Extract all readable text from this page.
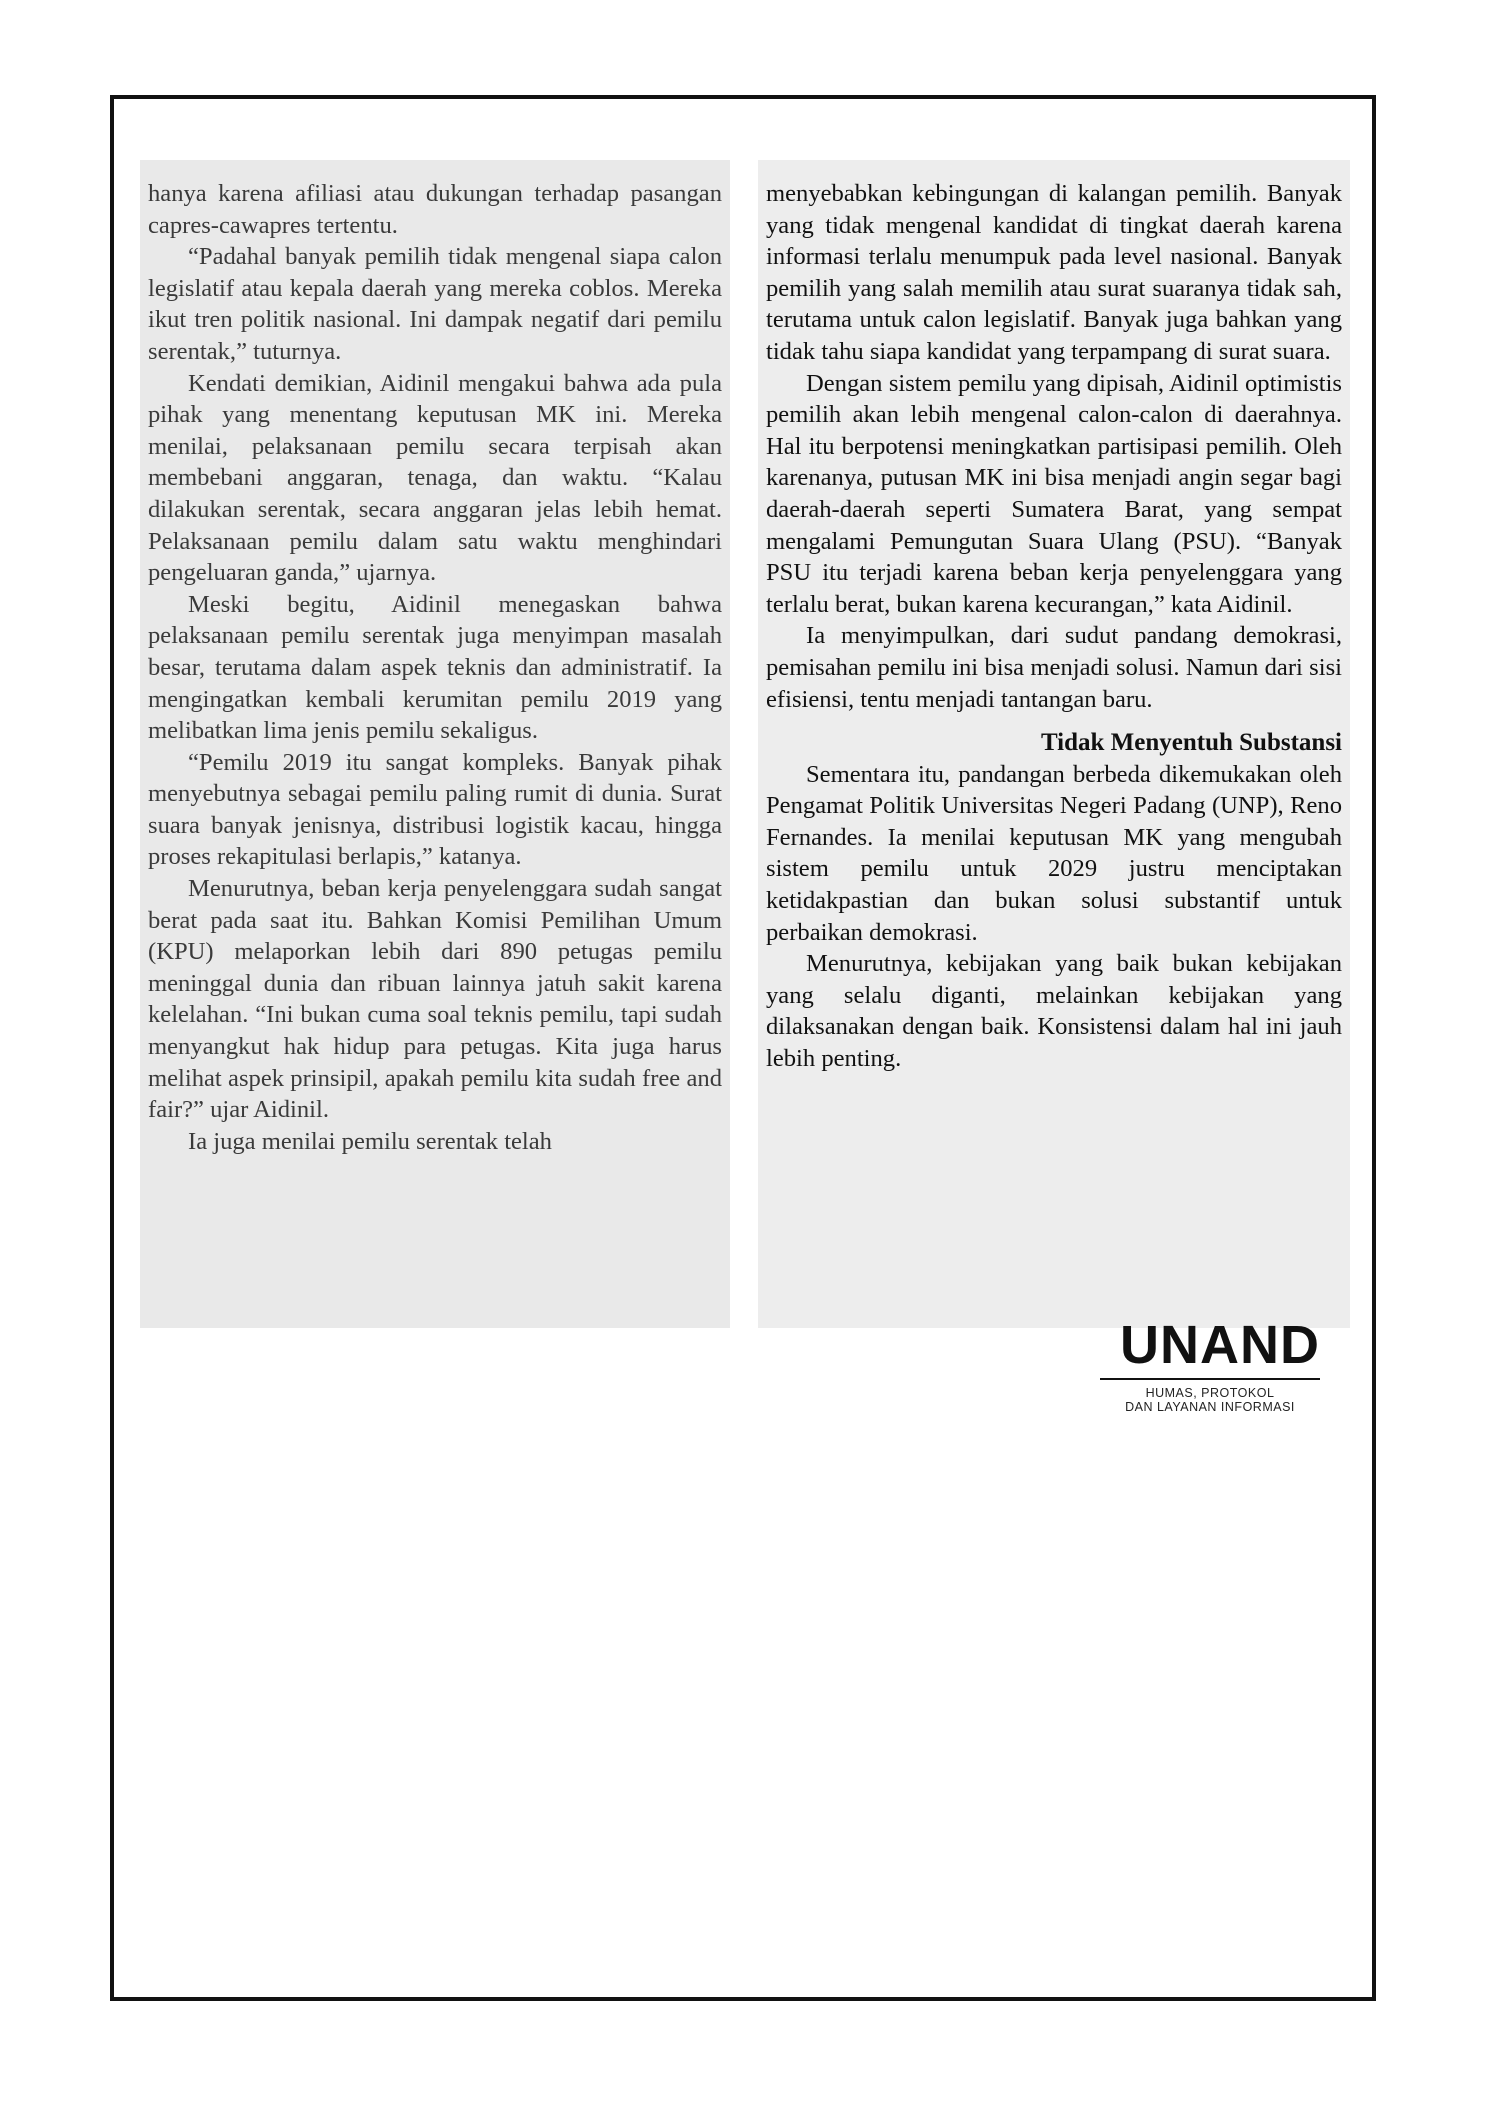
hanya karena afiliasi atau dukungan terhadap pasangan capres-cawapres tertentu.

“Padahal banyak pemilih tidak mengenal siapa calon legislatif atau kepala daerah yang mereka coblos. Mereka ikut tren politik nasional. Ini dampak negatif dari pemilu serentak,” tuturnya.

Kendati demikian, Aidinil mengakui bahwa ada pula pihak yang menentang keputusan MK ini. Mereka menilai, pelaksanaan pemilu secara terpisah akan membebani anggaran, tenaga, dan waktu. “Kalau dilakukan serentak, secara anggaran jelas lebih hemat. Pelaksanaan pemilu dalam satu waktu menghindari pengeluaran ganda,” ujarnya.

Meski begitu, Aidinil menegaskan bahwa pelaksanaan pemilu serentak juga menyimpan masalah besar, terutama dalam aspek teknis dan administratif. Ia mengingatkan kembali kerumitan pemilu 2019 yang melibatkan lima jenis pemilu sekaligus.

“Pemilu 2019 itu sangat kompleks. Banyak pihak menyebutnya sebagai pemilu paling rumit di dunia. Surat suara banyak jenisnya, distribusi logistik kacau, hingga proses rekapitulasi berlapis,” katanya.

Menurutnya, beban kerja penyelenggara sudah sangat berat pada saat itu. Bahkan Komisi Pemilihan Umum (KPU) melaporkan lebih dari 890 petugas pemilu meninggal dunia dan ribuan lainnya jatuh sakit karena kelelahan. “Ini bukan cuma soal teknis pemilu, tapi sudah menyangkut hak hidup para petugas. Kita juga harus melihat aspek prinsipil, apakah pemilu kita sudah free and fair?” ujar Aidinil.

Ia juga menilai pemilu serentak telah

menyebabkan kebingungan di kalangan pemilih. Banyak yang tidak mengenal kandidat di tingkat daerah karena informasi terlalu menumpuk pada level nasional. Banyak pemilih yang salah memilih atau surat suaranya tidak sah, terutama untuk calon legislatif. Banyak juga bahkan yang tidak tahu siapa kandidat yang terpampang di surat suara.

Dengan sistem pemilu yang dipisah, Aidinil optimistis pemilih akan lebih mengenal calon-calon di daerahnya. Hal itu berpotensi meningkatkan partisipasi pemilih. Oleh karenanya, putusan MK ini bisa menjadi angin segar bagi daerah-daerah seperti Sumatera Barat, yang sempat mengalami Pemungutan Suara Ulang (PSU). “Banyak PSU itu terjadi karena beban kerja penyelenggara yang terlalu berat, bukan karena kecurangan,” kata Aidinil.

Ia menyimpulkan, dari sudut pandang demokrasi, pemisahan pemilu ini bisa menjadi solusi. Namun dari sisi efisiensi, tentu menjadi tantangan baru.

Tidak Menyentuh Substansi

Sementara itu, pandangan berbeda dikemukakan oleh Pengamat Politik Universitas Negeri Padang (UNP), Reno Fernandes. Ia menilai keputusan MK yang mengubah sistem pemilu untuk 2029 justru menciptakan ketidakpastian dan bukan solusi substantif untuk perbaikan demokrasi.

Menurutnya, kebijakan yang baik bukan kebijakan yang selalu diganti, melainkan kebijakan yang dilaksanakan dengan baik. Konsistensi dalam hal ini jauh lebih penting.

UNAND
HUMAS, PROTOKOL
DAN LAYANAN INFORMASI
